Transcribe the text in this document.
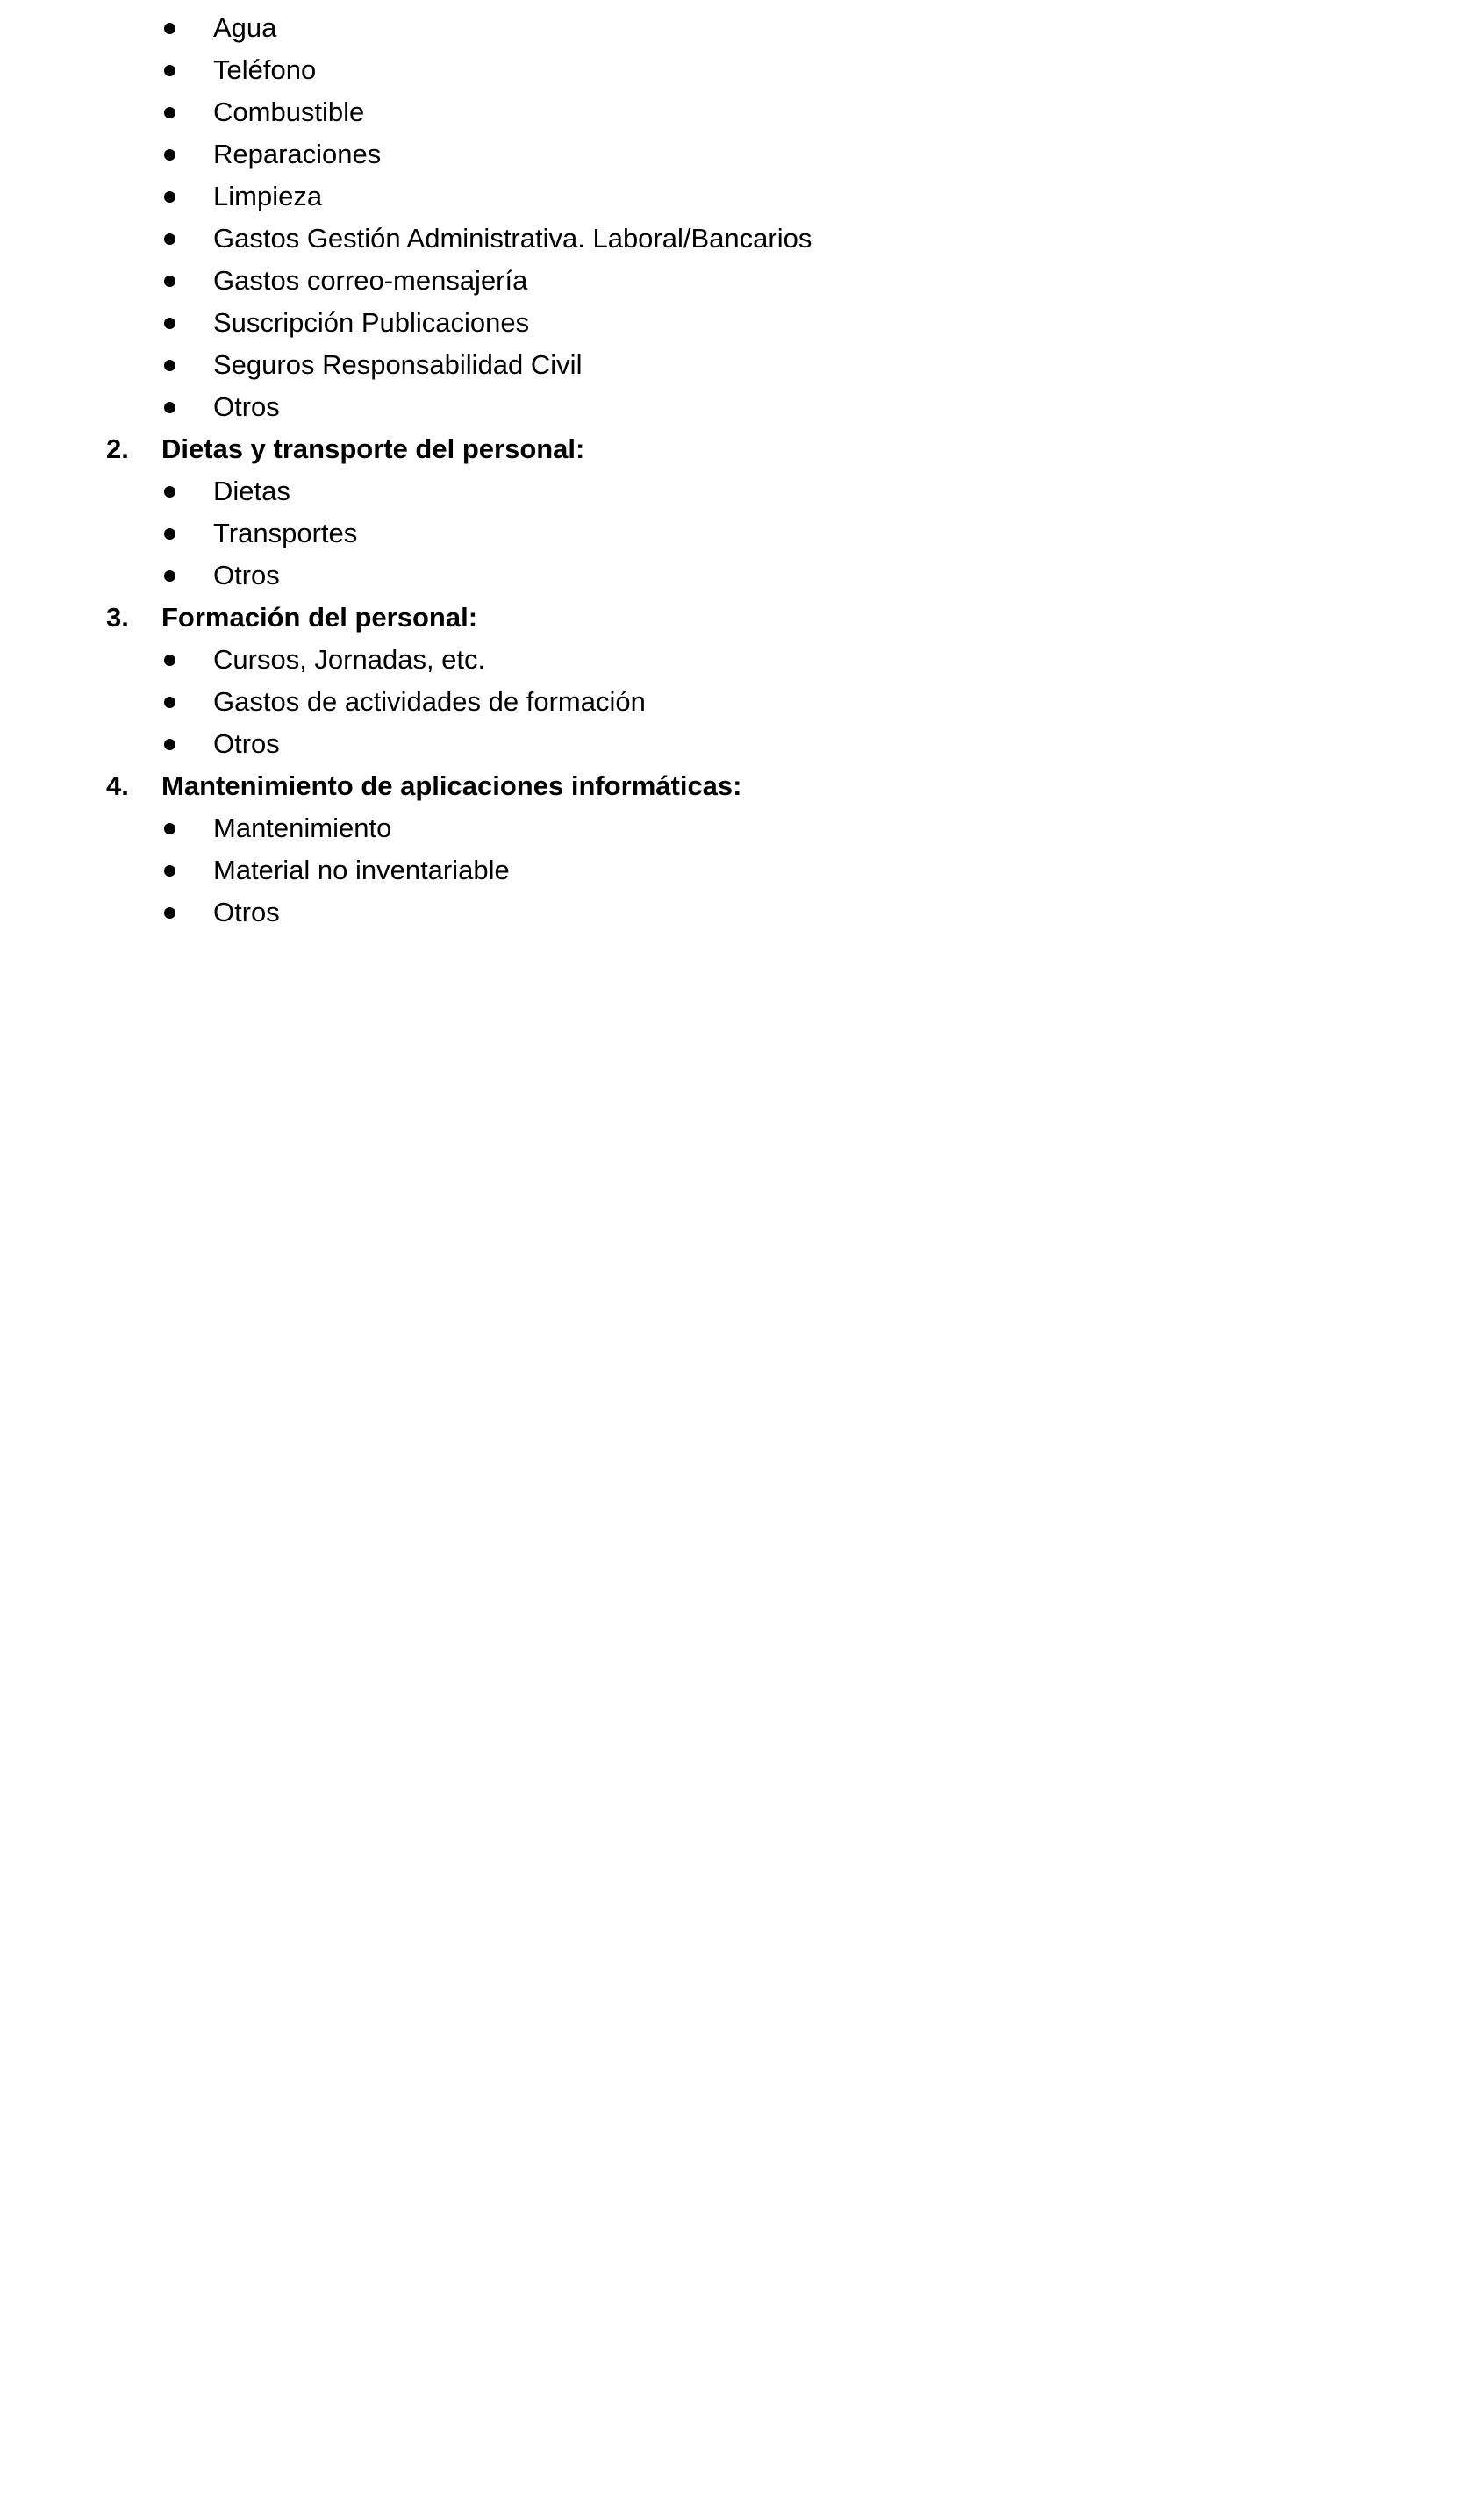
Agua
Teléfono
Combustible
Reparaciones
Limpieza
Gastos Gestión Administrativa. Laboral/Bancarios
Gastos correo-mensajería
Suscripción Publicaciones
Seguros Responsabilidad Civil
Otros
2. Dietas y transporte del personal:
Dietas
Transportes
Otros
3. Formación del personal:
Cursos, Jornadas, etc.
Gastos de actividades de formación
Otros
4. Mantenimiento de aplicaciones informáticas:
Mantenimiento
Material no inventariable
Otros
